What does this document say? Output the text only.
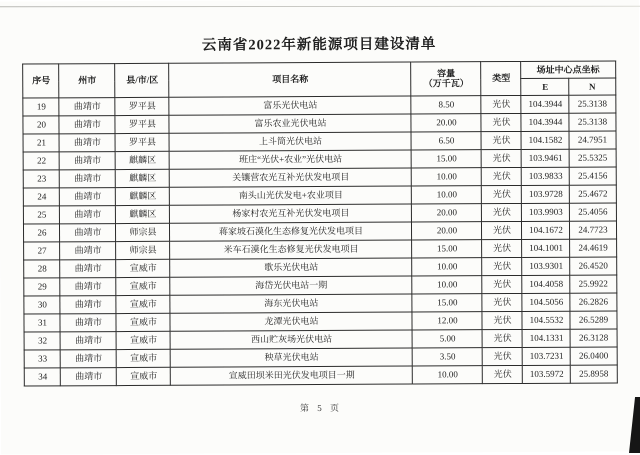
云南省2022年新能源项目建设清单
序号	州市	县/市/区	项目名称	容量
（万千瓦）	类型	场址中心点坐标	
						E	N
19	曲靖市	罗平县	富乐光伏电站	8.50	光伏	104.3944	25.3138
20	曲靖市	罗平县	富乐农业光伏电站	20.00	光伏	104.3944	25.3138
21	曲靖市	罗平县	上斗筒光伏电站	6.50	光伏	104.1582	24.7951
22	曲靖市	麒麟区	班庄“光伏+农业”光伏电站	15.00	光伏	103.9461	25.5325
23	曲靖市	麒麟区	关镶营农光互补光伏发电项目	10.00	光伏	103.9833	25.4156
24	曲靖市	麒麟区	南头山光伏发电+农业项目	10.00	光伏	103.9728	25.4672
25	曲靖市	麒麟区	杨家村农光互补光伏发电项目	20.00	光伏	103.9903	25.4056
26	曲靖市	师宗县	蒋家坡石漠化生态修复光伏发电项目	20.00	光伏	104.1672	24.7723
27	曲靖市	师宗县	米车石漠化生态修复光伏发电项目	15.00	光伏	104.1001	24.4619
28	曲靖市	宣威市	歌乐光伏电站	10.00	光伏	103.9301	26.4520
29	曲靖市	宣威市	海岱光伏电站一期	10.00	光伏	104.4058	25.9922
30	曲靖市	宣威市	海东光伏电站	15.00	光伏	104.5056	26.2826
31	曲靖市	宣威市	龙潭光伏电站	12.00	光伏	104.5532	26.5289
32	曲靖市	宣威市	西山贮灰场光伏电站	5.00	光伏	104.1331	26.3128
33	曲靖市	宣威市	秧草光伏电站	3.50	光伏	103.7231	26.0400
34	曲靖市	宣威市	宣威田坝米田光伏发电项目一期	10.00	光伏	103.5972	25.8958
第 5 页
